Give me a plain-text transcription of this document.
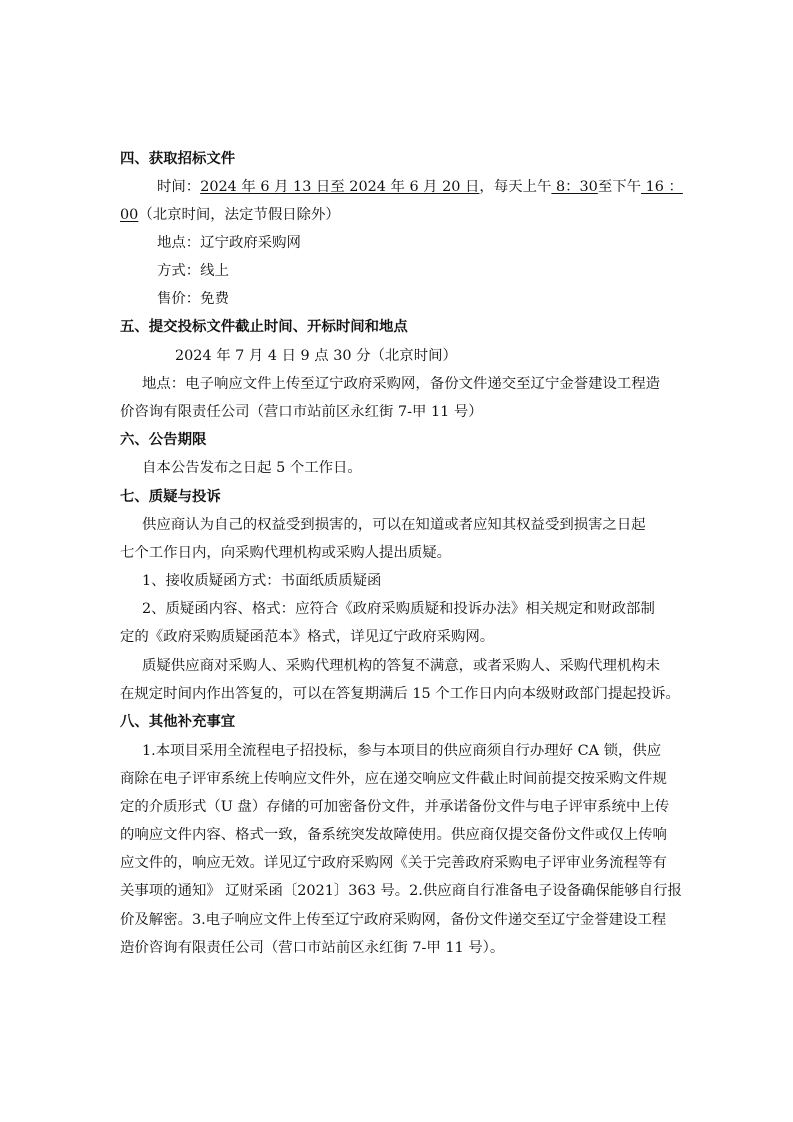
四、获取招标文件
时间：2024 年 6 月 13 日至 2024 年 6 月 20 日，每天上午 8：30至下午 16 ：
00（北京时间，法定节假日除外）
地点：辽宁政府采购网
方式：线上
售价：免费
五、提交投标文件截止时间、开标时间和地点
2024 年 7 月 4 日 9 点 30 分（北京时间）
地点：电子响应文件上传至辽宁政府采购网，备份文件递交至辽宁金誉建设工程造
价咨询有限责任公司（营口市站前区永红街 7-甲 11 号）
六、公告期限
自本公告发布之日起 5 个工作日。
七、质疑与投诉
供应商认为自己的权益受到损害的，可以在知道或者应知其权益受到损害之日起
七个工作日内，向采购代理机构或采购人提出质疑。
1、接收质疑函方式：书面纸质质疑函
2、质疑函内容、格式：应符合《政府采购质疑和投诉办法》相关规定和财政部制
定的《政府采购质疑函范本》格式，详见辽宁政府采购网。
质疑供应商对采购人、采购代理机构的答复不满意，或者采购人、采购代理机构未
在规定时间内作出答复的，可以在答复期满后 15 个工作日内向本级财政部门提起投诉。
八、其他补充事宜
1.本项目采用全流程电子招投标，参与本项目的供应商须自行办理好 CA 锁，供应
商除在电子评审系统上传响应文件外，应在递交响应文件截止时间前提交按采购文件规
定的介质形式（U 盘）存储的可加密备份文件，并承诺备份文件与电子评审系统中上传
的响应文件内容、格式一致，备系统突发故障使用。供应商仅提交备份文件或仅上传响
应文件的，响应无效。详见辽宁政府采购网《关于完善政府采购电子评审业务流程等有
关事项的通知》 辽财采函〔2021〕363 号。2.供应商自行准备电子设备确保能够自行报
价及解密。3.电子响应文件上传至辽宁政府采购网，备份文件递交至辽宁金誉建设工程
造价咨询有限责任公司（营口市站前区永红街 7-甲 11 号）。
